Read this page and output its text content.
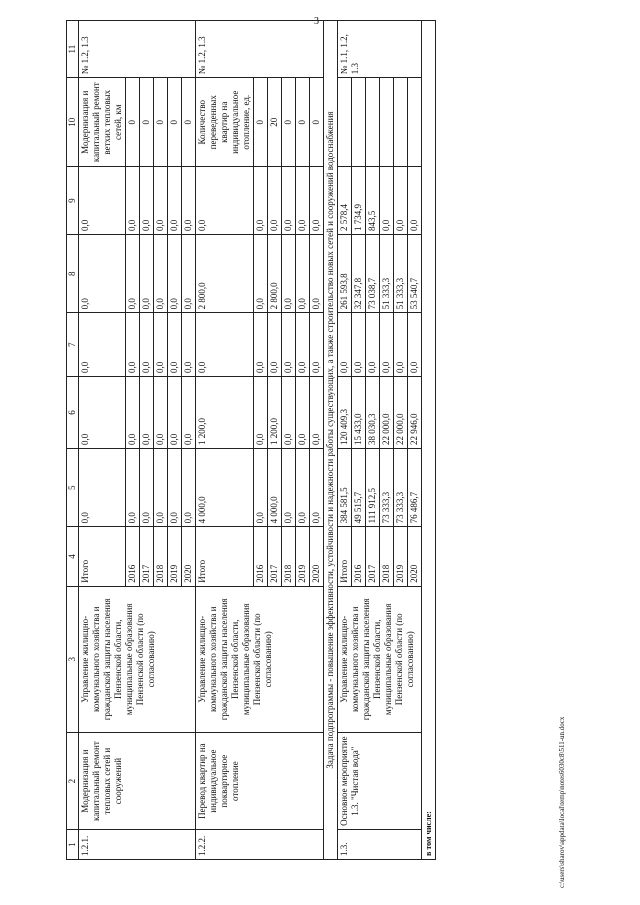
3
1	2	3	4	5	6	7	8	9	10	11
1.2.1.	Модернизация и капитальный ремонт тепловых сетей и сооружений	Управление жилищно-коммунального хозяйства и гражданской защиты населения Пензенской области, муниципальные образования Пензенской области (по согласованию)	Итого	0,0	0,0	0,0	0,0	0,0	Модернизация и капитальный ремонт ветхих тепловых сетей, км	№ 1.2, 1.3
			2016	0,0	0,0	0,0	0,0	0,0	0	
			2017	0,0	0,0	0,0	0,0	0,0	0	
			2018	0,0	0,0	0,0	0,0	0,0	0	
			2019	0,0	0,0	0,0	0,0	0,0	0	
			2020	0,0	0,0	0,0	0,0	0,0	0	
1.2.2.	Перевод квартир на индивидуальное поквартирное отопление	Управление жилищно-коммунального хозяйства и гражданской защиты населения Пензенской области, муниципальные образования Пензенской области (по согласованию)	Итого	4 000,0	1 200,0	0,0	2 800,0	0,0	Количество переведенных квартир на индивидуальное отопление, ед.	№ 1.2, 1.3
			2016	0,0	0,0	0,0	0,0	0,0	0	
			2017	4 000,0	1 200,0	0,0	2 800,0	0,0	20	
			2018	0,0	0,0	0,0	0,0	0,0	0	
			2019	0,0	0,0	0,0	0,0	0,0	0	
			2020	0,0	0,0	0,0	0,0	0,0	0	
Задача подпрограммы - повышение эффективности, устойчивости и надежности работы существующих, а также строительство новых сетей и сооружений водоснабжения										
1.3.	Основное мероприятие 1.3. "Чистая вода"	Управление жилищно-коммунального хозяйства и гражданской защиты населения Пензенской области, муниципальные образования Пензенской области (по согласованию)	Итого	384 581,5	120 409,3	0,0	261 593,8	2 578,4		№ 1.1, 1.2, 1.3
			2016	49 515,7	15 433,0	0,0	32 347,8	1 734,9		
			2017	111 912,5	38 030,3	0,0	73 038,7	843,5		
			2018	73 333,3	22 000,0	0,0	51 333,3	0,0		
			2019	73 333,3	22 000,0	0,0	51 333,3	0,0		
			2020	76 486,7	22 946,0	0,0	53 540,7	0,0		
в том числе:											c:\users\sharov\appdata\local\temp\notes6030c8\511-un.docx
